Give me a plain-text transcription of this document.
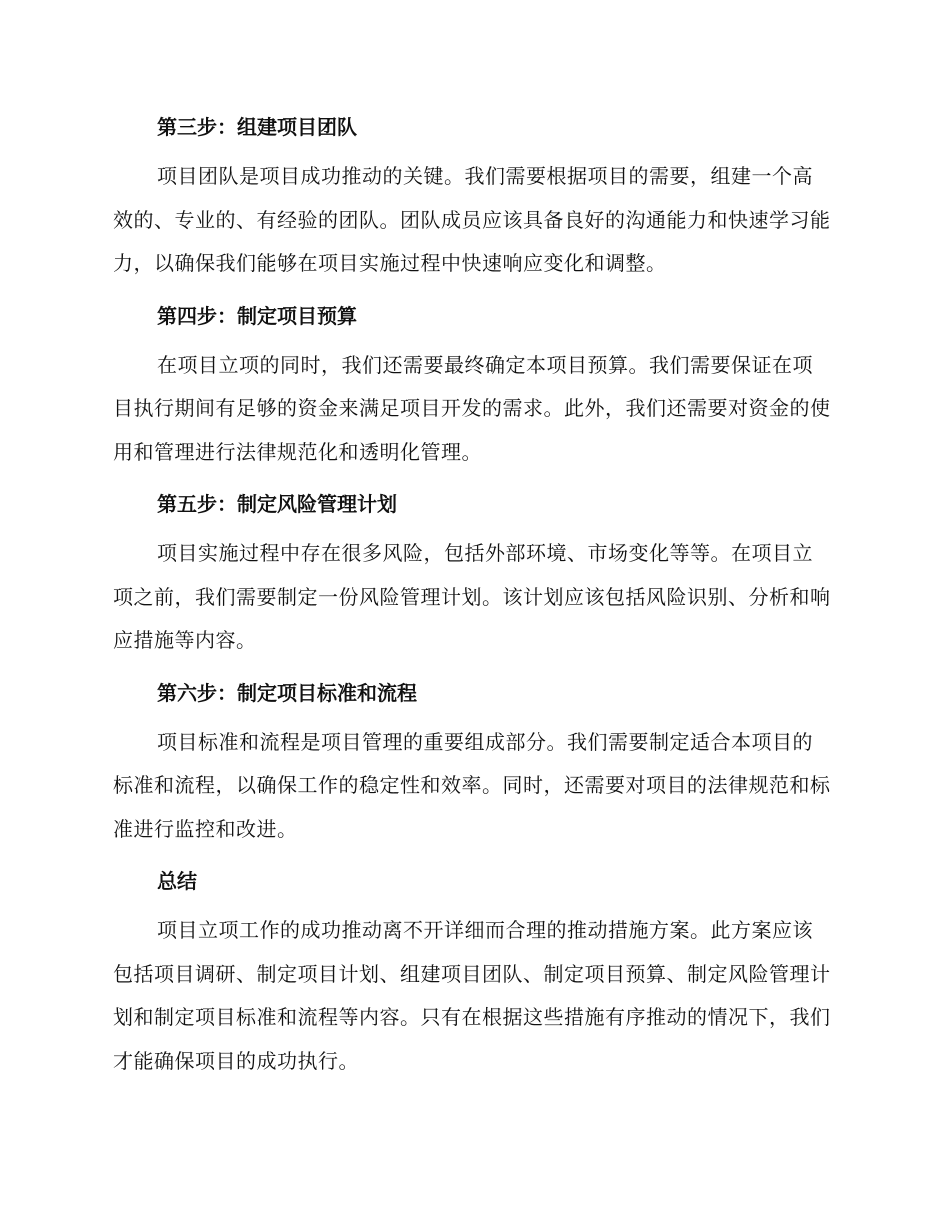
第三步：组建项目团队

项目团队是项目成功推动的关键。我们需要根据项目的需要，组建一个高效的、专业的、有经验的团队。团队成员应该具备良好的沟通能力和快速学习能力，以确保我们能够在项目实施过程中快速响应变化和调整。

第四步：制定项目预算

在项目立项的同时，我们还需要最终确定本项目预算。我们需要保证在项目执行期间有足够的资金来满足项目开发的需求。此外，我们还需要对资金的使用和管理进行法律规范化和透明化管理。

第五步：制定风险管理计划

项目实施过程中存在很多风险，包括外部环境、市场变化等等。在项目立项之前，我们需要制定一份风险管理计划。该计划应该包括风险识别、分析和响应措施等内容。

第六步：制定项目标准和流程

项目标准和流程是项目管理的重要组成部分。我们需要制定适合本项目的标准和流程，以确保工作的稳定性和效率。同时，还需要对项目的法律规范和标准进行监控和改进。

总结

项目立项工作的成功推动离不开详细而合理的推动措施方案。此方案应该包括项目调研、制定项目计划、组建项目团队、制定项目预算、制定风险管理计划和制定项目标准和流程等内容。只有在根据这些措施有序推动的情况下，我们才能确保项目的成功执行。
